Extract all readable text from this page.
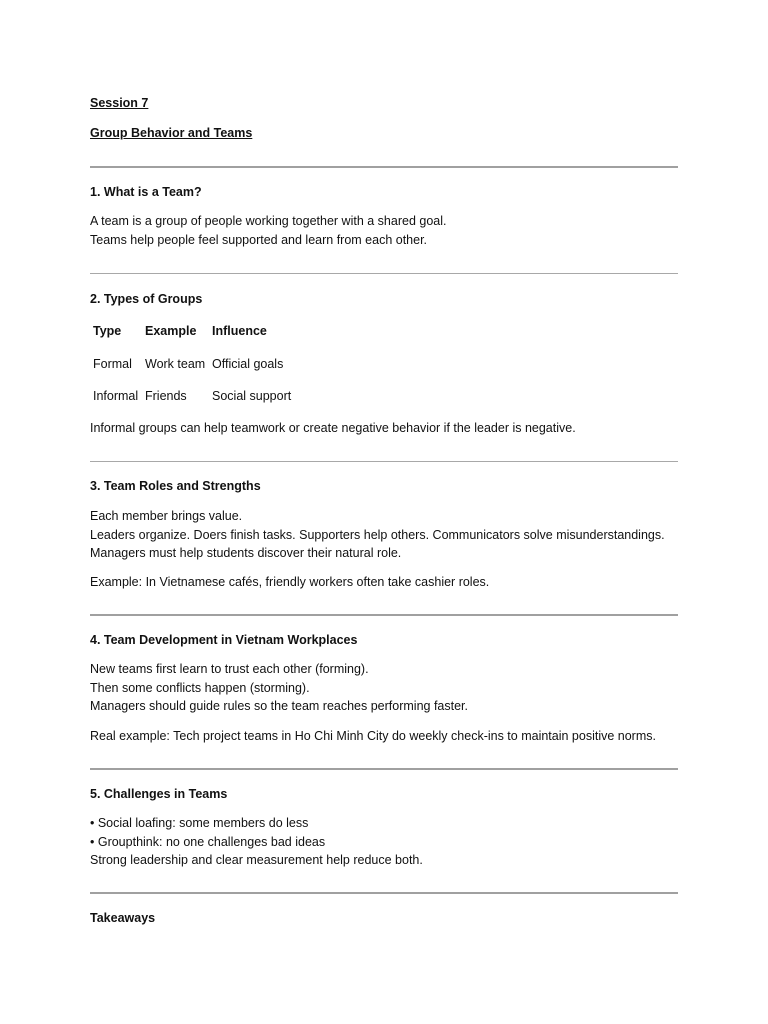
Session 7
Group Behavior and Teams
1. What is a Team?
A team is a group of people working together with a shared goal.
Teams help people feel supported and learn from each other.
2. Types of Groups
Type Example Influence
Formal Work team Official goals
Informal Friends Social support
Informal groups can help teamwork or create negative behavior if the leader is negative.
3. Team Roles and Strengths
Each member brings value.
Leaders organize. Doers finish tasks. Supporters help others. Communicators solve misunderstandings.
Managers must help students discover their natural role.
Example: In Vietnamese cafés, friendly workers often take cashier roles.
4. Team Development in Vietnam Workplaces
New teams first learn to trust each other (forming).
Then some conflicts happen (storming).
Managers should guide rules so the team reaches performing faster.
Real example: Tech project teams in Ho Chi Minh City do weekly check-ins to maintain positive norms.
5. Challenges in Teams
• Social loafing: some members do less
• Groupthink: no one challenges bad ideas
Strong leadership and clear measurement help reduce both.
Takeaways
